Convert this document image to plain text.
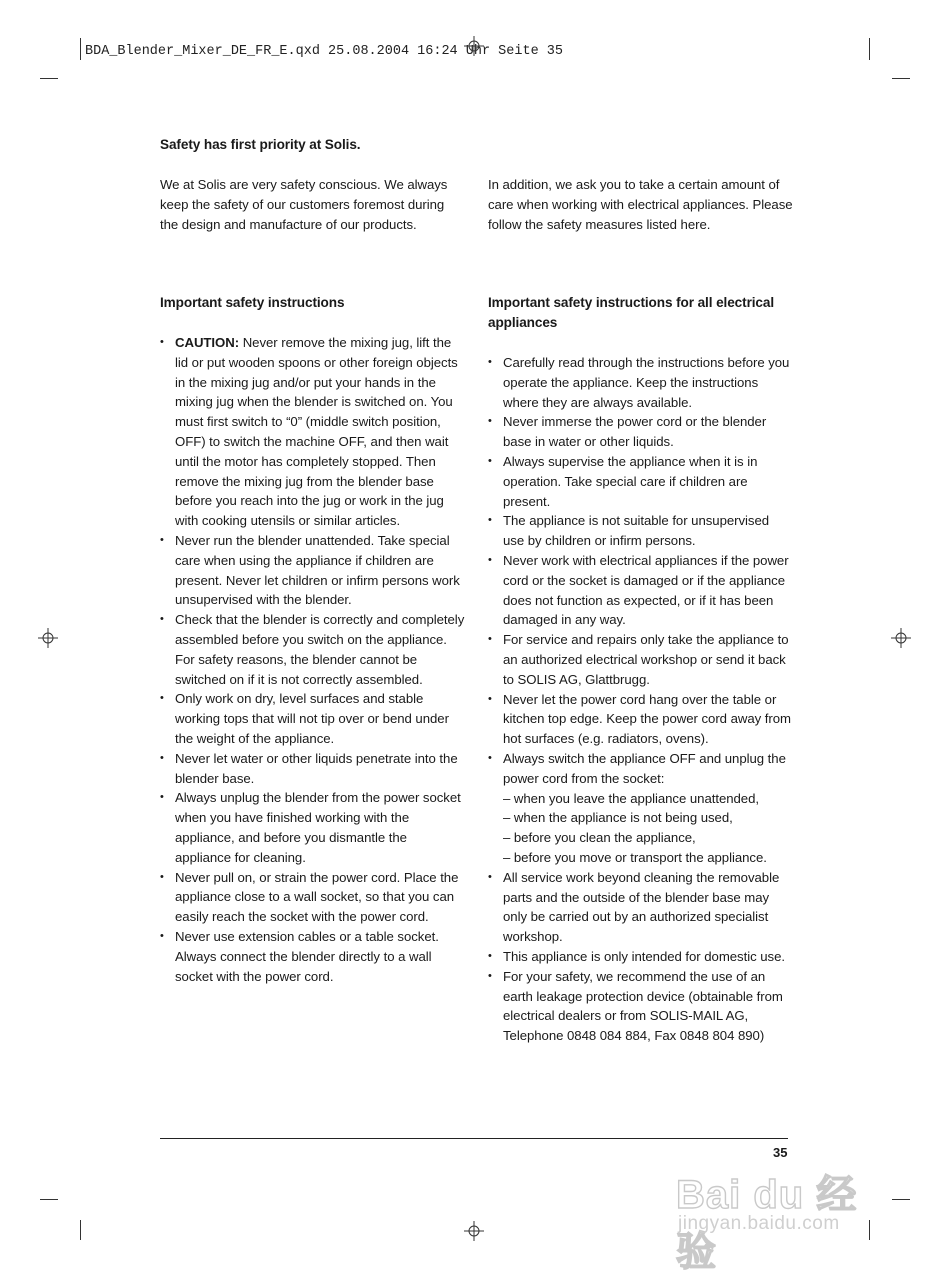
BDA_Blender_Mixer_DE_FR_E.qxd 25.08.2004 16:24 Uhr Seite 35
Safety has first priority at Solis.
We at Solis are very safety conscious. We always keep the safety of our customers foremost during the design and manufacture of our products.
In addition, we ask you to take a certain amount of care when working with electrical appliances. Please follow the safety measures listed here.
Important safety instructions
• CAUTION: Never remove the mixing jug, lift the lid or put wooden spoons or other foreign objects in the mixing jug and/or put your hands in the mixing jug when the blender is switched on. You must first switch to “0” (middle switch position, OFF) to switch the machine OFF, and then wait until the motor has completely stopped. Then remove the mixing jug from the blender base before you reach into the jug or work in the jug with cooking utensils or similar articles.
• Never run the blender unattended. Take special care when using the appliance if children are present. Never let children or infirm persons work unsupervised with the blender.
• Check that the blender is correctly and completely assembled before you switch on the appliance. For safety reasons, the blender cannot be switched on if it is not correctly assembled.
• Only work on dry, level surfaces and stable working tops that will not tip over or bend under the weight of the appliance.
• Never let water or other liquids penetrate into the blender base.
• Always unplug the blender from the power socket when you have finished working with the appliance, and before you dismantle the appliance for cleaning.
• Never pull on, or strain the power cord. Place the appliance close to a wall socket, so that you can easily reach the socket with the power cord.
• Never use extension cables or a table socket. Always connect the blender directly to a wall socket with the power cord.
Important safety instructions for all electrical appliances
• Carefully read through the instructions before you operate the appliance. Keep the instructions where they are always available.
• Never immerse the power cord or the blender base in water or other liquids.
• Always supervise the appliance when it is in operation. Take special care if children are present.
• The appliance is not suitable for unsupervised use by children or infirm persons.
• Never work with electrical appliances if the power cord or the socket is damaged or if the appliance does not function as expected, or if it has been damaged in any way.
• For service and repairs only take the appliance to an authorized electrical workshop or send it back to SOLIS AG, Glattbrugg.
• Never let the power cord hang over the table or kitchen top edge. Keep the power cord away from hot surfaces (e.g. radiators, ovens).
• Always switch the appliance OFF and unplug the power cord from the socket:
– when you leave the appliance unattended,
– when the appliance is not being used,
– before you clean the appliance,
– before you move or transport the appliance.
• All service work beyond cleaning the removable parts and the outside of the blender base may only be carried out by an authorized specialist workshop.
• This appliance is only intended for domestic use.
• For your safety, we recommend the use of an earth leakage protection device (obtainable from electrical dealers or from SOLIS-MAIL AG, Telephone 0848 084 884, Fax 0848 804 890)
35
Bai du 经验
jingyan.baidu.com
